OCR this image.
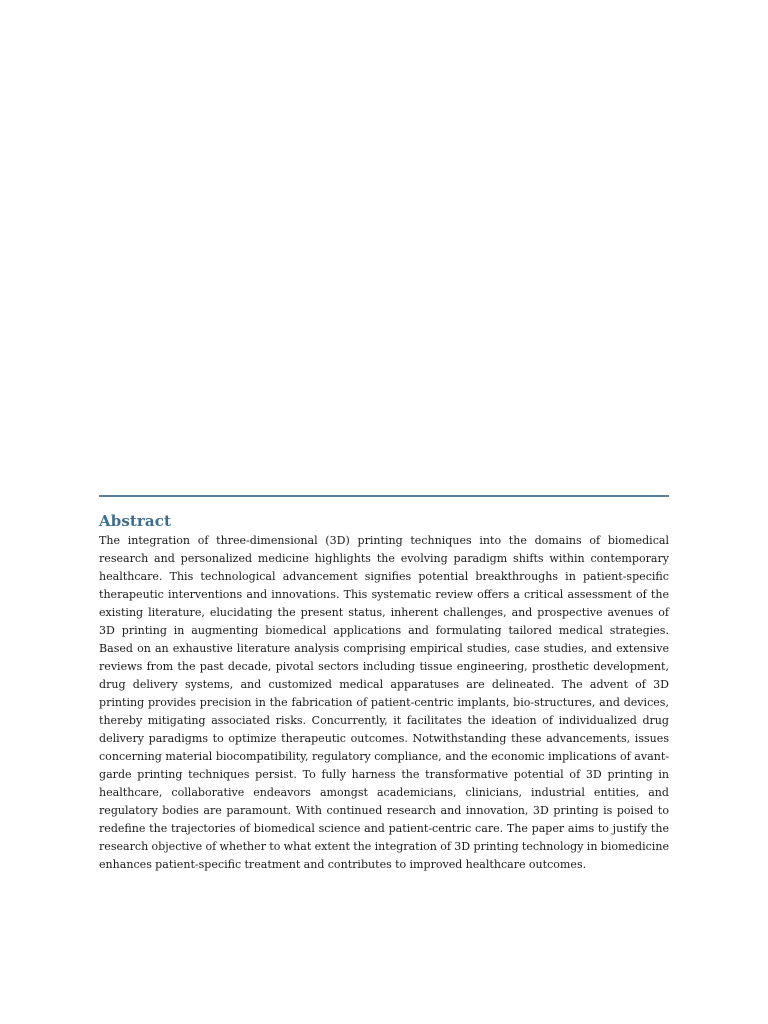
Abstract

The integration of three-dimensional (3D) printing techniques into the domains of biomedical research and personalized medicine highlights the evolving paradigm shifts within contemporary healthcare. This technological advancement signifies potential breakthroughs in patient-specific therapeutic interventions and innovations. This systematic review offers a critical assessment of the existing literature, elucidating the present status, inherent challenges, and prospective avenues of 3D printing in augmenting biomedical applications and formulating tailored medical strategies. Based on an exhaustive literature analysis comprising empirical studies, case studies, and extensive reviews from the past decade, pivotal sectors including tissue engineering, prosthetic development, drug delivery systems, and customized medical apparatuses are delineated. The advent of 3D printing provides precision in the fabrication of patient-centric implants, bio-structures, and devices, thereby mitigating associated risks. Concurrently, it facilitates the ideation of individualized drug delivery paradigms to optimize therapeutic outcomes. Notwithstanding these advancements, issues concerning material biocompatibility, regulatory compliance, and the economic implications of avant-garde printing techniques persist. To fully harness the transformative potential of 3D printing in healthcare, collaborative endeavors amongst academicians, clinicians, industrial entities, and regulatory bodies are paramount. With continued research and innovation, 3D printing is poised to redefine the trajectories of biomedical science and patient-centric care. The paper aims to justify the research objective of whether to what extent the integration of 3D printing technology in biomedicine enhances patient-specific treatment and contributes to improved healthcare outcomes.
